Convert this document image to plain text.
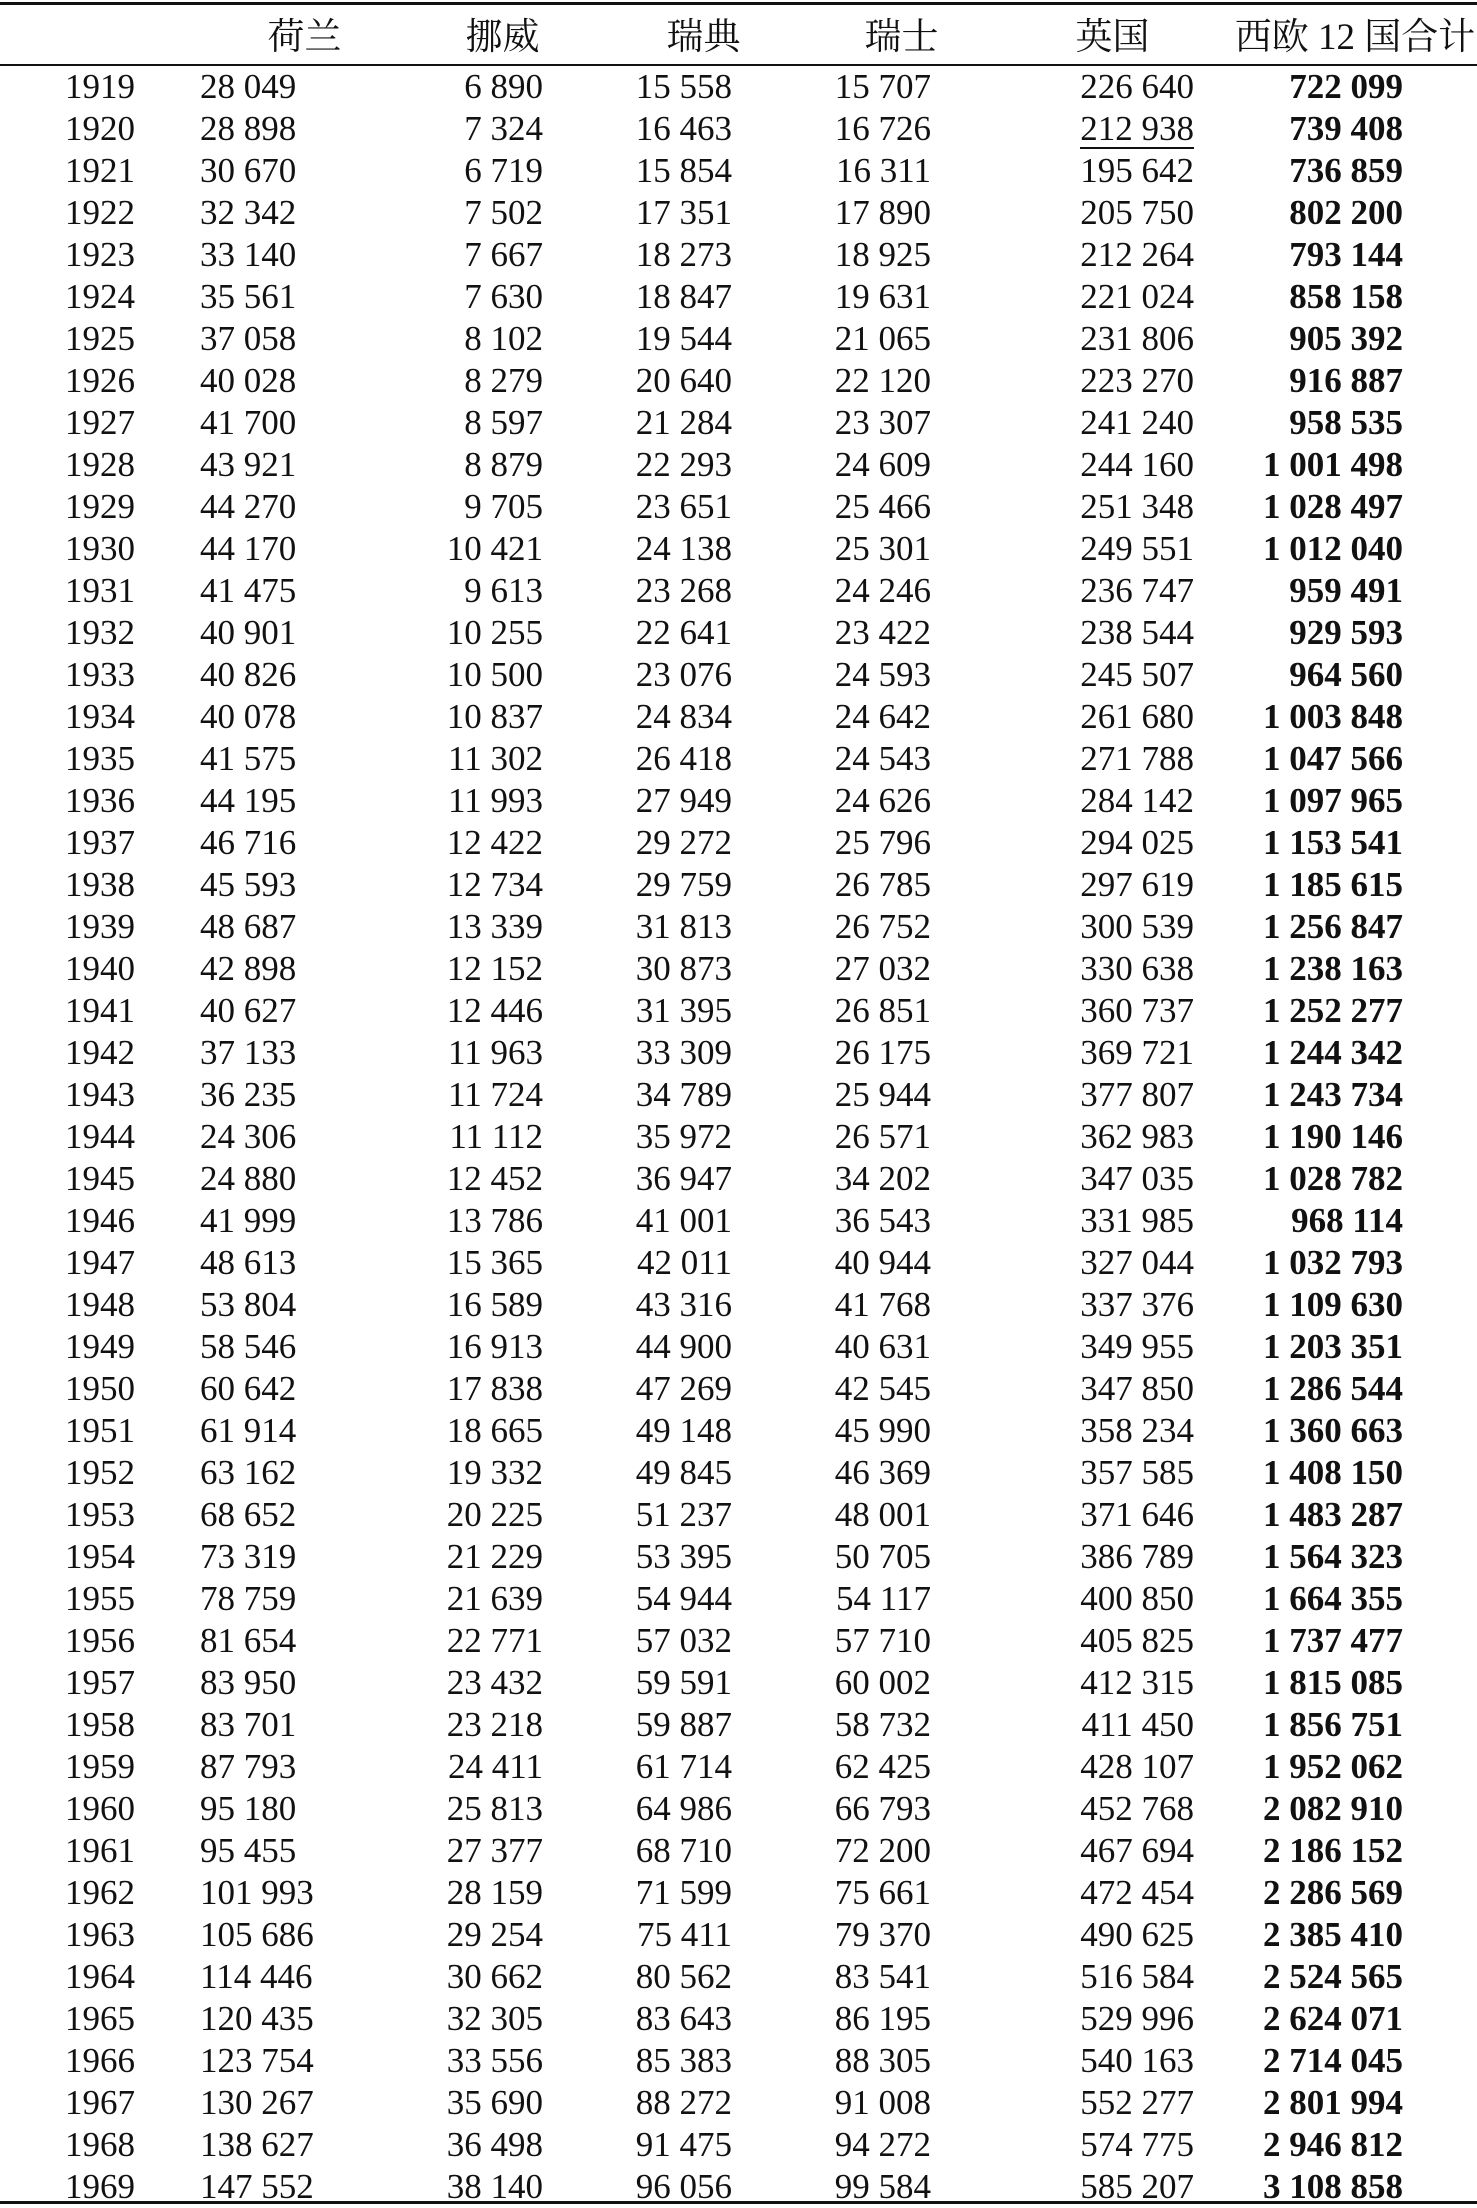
	荷兰	挪威	瑞典	瑞士	英国	西欧 12 国合计
1919	28 049	6 890	15 558	15 707	226 640	722 099
1920	28 898	7 324	16 463	16 726	212 938	739 408
1921	30 670	6 719	15 854	16 311	195 642	736 859
1922	32 342	7 502	17 351	17 890	205 750	802 200
1923	33 140	7 667	18 273	18 925	212 264	793 144
1924	35 561	7 630	18 847	19 631	221 024	858 158
1925	37 058	8 102	19 544	21 065	231 806	905 392
1926	40 028	8 279	20 640	22 120	223 270	916 887
1927	41 700	8 597	21 284	23 307	241 240	958 535
1928	43 921	8 879	22 293	24 609	244 160	1 001 498
1929	44 270	9 705	23 651	25 466	251 348	1 028 497
1930	44 170	10 421	24 138	25 301	249 551	1 012 040
1931	41 475	9 613	23 268	24 246	236 747	959 491
1932	40 901	10 255	22 641	23 422	238 544	929 593
1933	40 826	10 500	23 076	24 593	245 507	964 560
1934	40 078	10 837	24 834	24 642	261 680	1 003 848
1935	41 575	11 302	26 418	24 543	271 788	1 047 566
1936	44 195	11 993	27 949	24 626	284 142	1 097 965
1937	46 716	12 422	29 272	25 796	294 025	1 153 541
1938	45 593	12 734	29 759	26 785	297 619	1 185 615
1939	48 687	13 339	31 813	26 752	300 539	1 256 847
1940	42 898	12 152	30 873	27 032	330 638	1 238 163
1941	40 627	12 446	31 395	26 851	360 737	1 252 277
1942	37 133	11 963	33 309	26 175	369 721	1 244 342
1943	36 235	11 724	34 789	25 944	377 807	1 243 734
1944	24 306	11 112	35 972	26 571	362 983	1 190 146
1945	24 880	12 452	36 947	34 202	347 035	1 028 782
1946	41 999	13 786	41 001	36 543	331 985	968 114
1947	48 613	15 365	42 011	40 944	327 044	1 032 793
1948	53 804	16 589	43 316	41 768	337 376	1 109 630
1949	58 546	16 913	44 900	40 631	349 955	1 203 351
1950	60 642	17 838	47 269	42 545	347 850	1 286 544
1951	61 914	18 665	49 148	45 990	358 234	1 360 663
1952	63 162	19 332	49 845	46 369	357 585	1 408 150
1953	68 652	20 225	51 237	48 001	371 646	1 483 287
1954	73 319	21 229	53 395	50 705	386 789	1 564 323
1955	78 759	21 639	54 944	54 117	400 850	1 664 355
1956	81 654	22 771	57 032	57 710	405 825	1 737 477
1957	83 950	23 432	59 591	60 002	412 315	1 815 085
1958	83 701	23 218	59 887	58 732	411 450	1 856 751
1959	87 793	24 411	61 714	62 425	428 107	1 952 062
1960	95 180	25 813	64 986	66 793	452 768	2 082 910
1961	95 455	27 377	68 710	72 200	467 694	2 186 152
1962	101 993	28 159	71 599	75 661	472 454	2 286 569
1963	105 686	29 254	75 411	79 370	490 625	2 385 410
1964	114 446	30 662	80 562	83 541	516 584	2 524 565
1965	120 435	32 305	83 643	86 195	529 996	2 624 071
1966	123 754	33 556	85 383	88 305	540 163	2 714 045
1967	130 267	35 690	88 272	91 008	552 277	2 801 994
1968	138 627	36 498	91 475	94 272	574 775	2 946 812
1969	147 552	38 140	96 056	99 584	585 207	3 108 858
